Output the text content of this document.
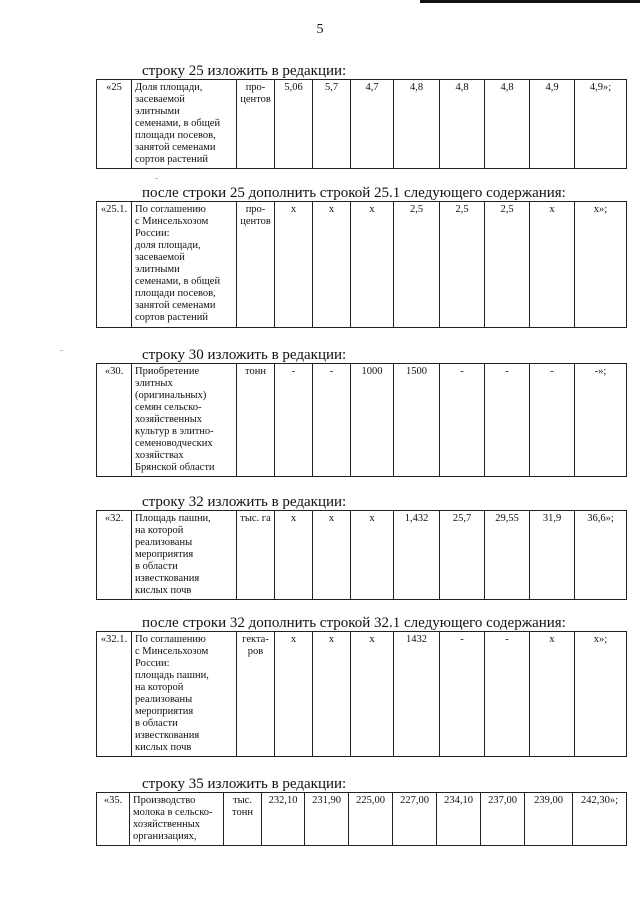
5
строку 25 изложить в редакции:
«25	Доля площади,
засеваемой
элитными
семенами, в общей
площади посевов,
занятой семенами
сортов растений	про-
центов	5,06	5,7	4,7	4,8	4,8	4,8	4,9	4,9»;
после строки 25 дополнить строкой 25.1 следующего содержания:
«25.1.	По соглашению
с Минсельхозом
России:
доля площади,
засеваемой
элитными
семенами, в общей
площади посевов,
занятой семенами
сортов растений	про-
центов	х	х	х	2,5	2,5	2,5	х	х»;
строку 30 изложить в редакции:
«30.	Приобретение
элитных
(оригинальных)
семян сельско-
хозяйственных
культур в элитно-
семеноводческих
хозяйствах
Брянской области	тонн	-	-	1000	1500	-	-	-	-»;
строку 32 изложить в редакции:
«32.	Площадь пашни,
на которой
реализованы
мероприятия
в области
известкования
кислых почв	тыс. га	х	х	х	1,432	25,7	29,55	31,9	36,6»;
после строки 32 дополнить строкой 32.1 следующего содержания:
«32.1.	По соглашению
с Минсельхозом
России:
площадь пашни,
на которой
реализованы
мероприятия
в области
известкования
кислых почв	гекта-
ров	х	х	х	1432	-	-	х	х»;
строку 35 изложить в редакции:
«35.	Производство
молока в сельско-
хозяйственных
организациях,	тыс.
тонн	232,10	231,90	225,00	227,00	234,10	237,00	239,00	242,30»;
